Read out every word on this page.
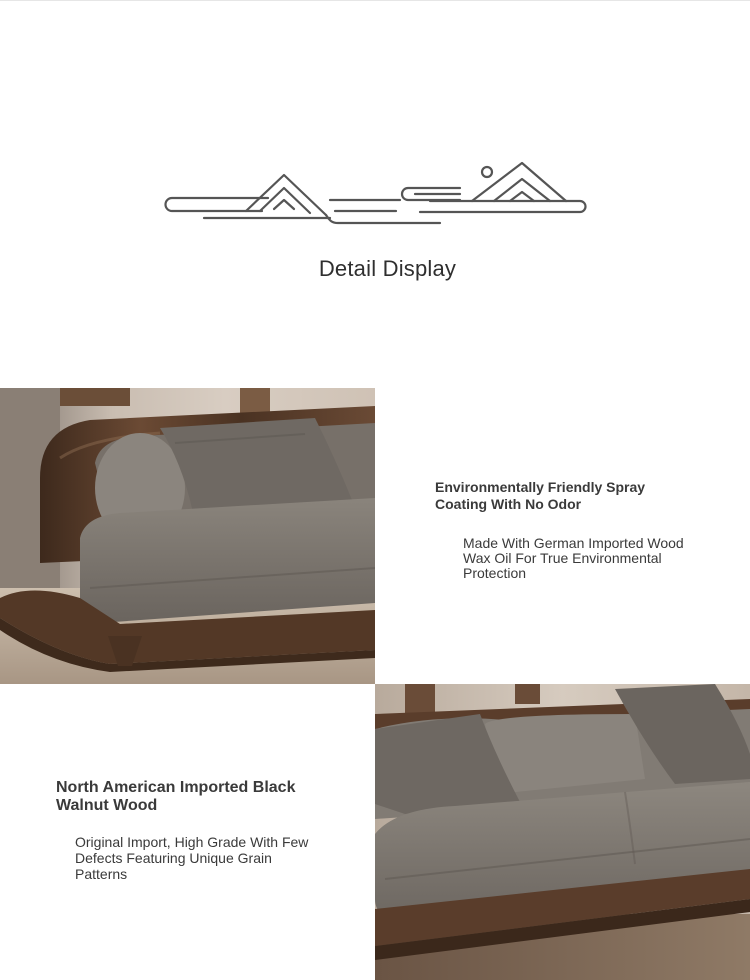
Detail Display
Environmentally Friendly Spray Coating With No Odor
Made With German Imported Wood Wax Oil For True Environmental Protection
North American Imported Black Walnut Wood
Original Import, High Grade With Few Defects Featuring Unique Grain Patterns
